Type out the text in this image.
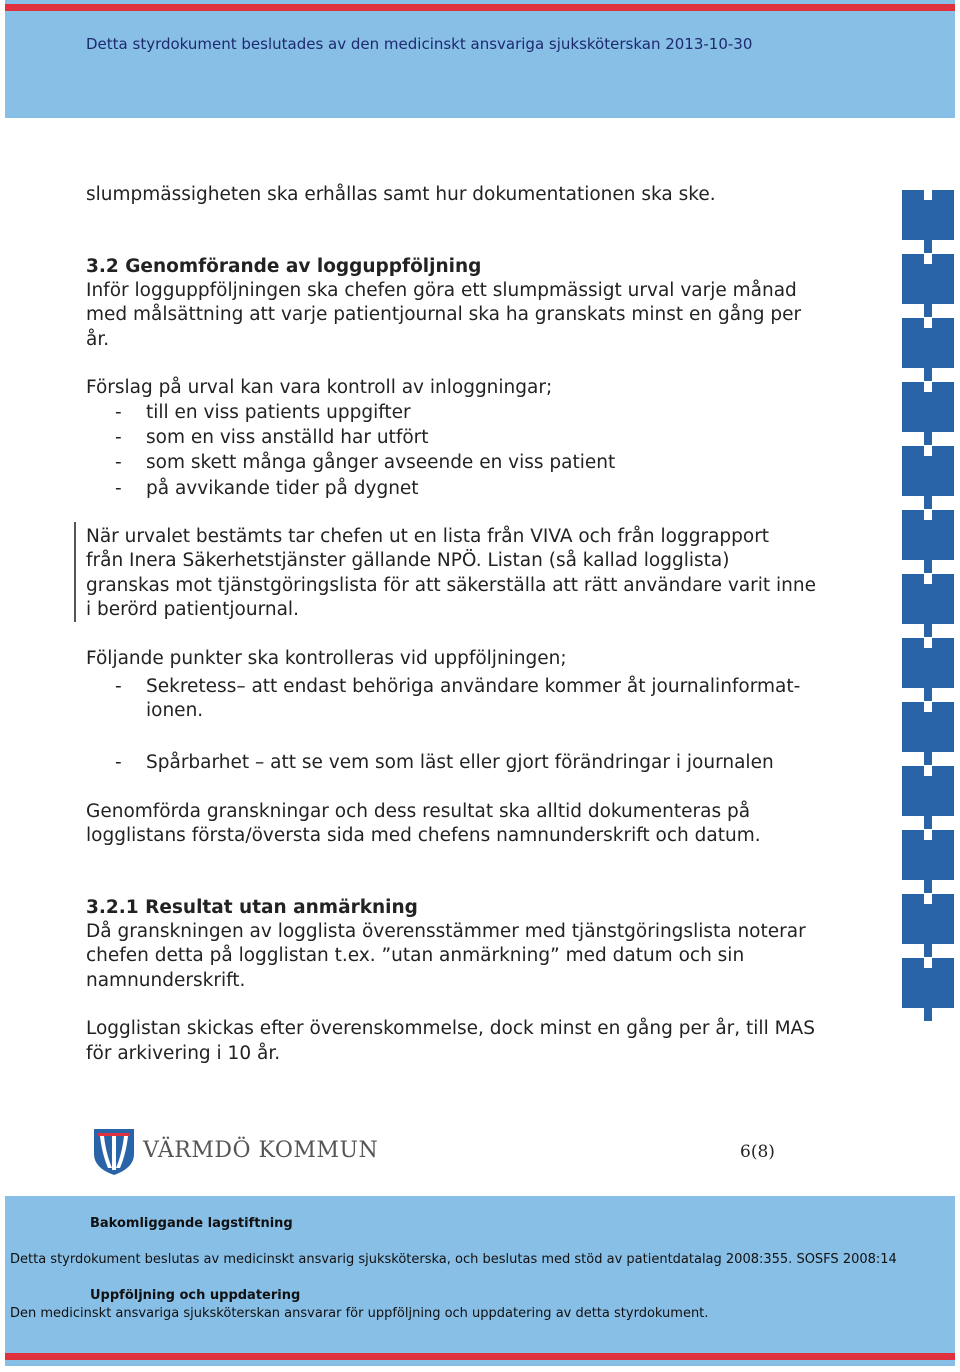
Detta styrdokument beslutades av den medicinskt ansvariga sjuksköterskan 2013-10-30
slumpmässigheten ska erhållas samt hur dokumentationen ska ske.
3.2 Genomförande av logguppföljning
Inför logguppföljningen ska chefen göra ett slumpmässigt urval varje månad
med målsättning att varje patientjournal ska ha granskats minst en gång per
år.
Förslag på urval kan vara kontroll av inloggningar;
- till en viss patients uppgifter
- som en viss anställd har utfört
- som skett många gånger avseende en viss patient
- på avvikande tider på dygnet
När urvalet bestämts tar chefen ut en lista från VIVA och från loggrapport
från Inera Säkerhetstjänster gällande NPÖ. Listan (så kallad logglista)
granskas mot tjänstgöringslista för att säkerställa att rätt användare varit inne
i berörd patientjournal.
Följande punkter ska kontrolleras vid uppföljningen;
- Sekretess– att endast behöriga användare kommer åt journalinformat-
ionen.
- Spårbarhet – att se vem som läst eller gjort förändringar i journalen
Genomförda granskningar och dess resultat ska alltid dokumenteras på
logglistans första/översta sida med chefens namnunderskrift och datum.
3.2.1 Resultat utan anmärkning
Då granskningen av logglista överensstämmer med tjänstgöringslista noterar
chefen detta på logglistan t.ex. ”utan anmärkning” med datum och sin
namnunderskrift.
Logglistan skickas efter överenskommelse, dock minst en gång per år, till MAS
för arkivering i 10 år.
VÄRMDÖ KOMMUN	6(8)
Bakomliggande lagstiftning
Detta styrdokument beslutas av medicinskt ansvarig sjuksköterska, och beslutas med stöd av patientdatalag 2008:355. SOSFS 2008:14
Uppföljning och uppdatering
Den medicinskt ansvariga sjuksköterskan ansvarar för uppföljning och uppdatering av detta styrdokument.
